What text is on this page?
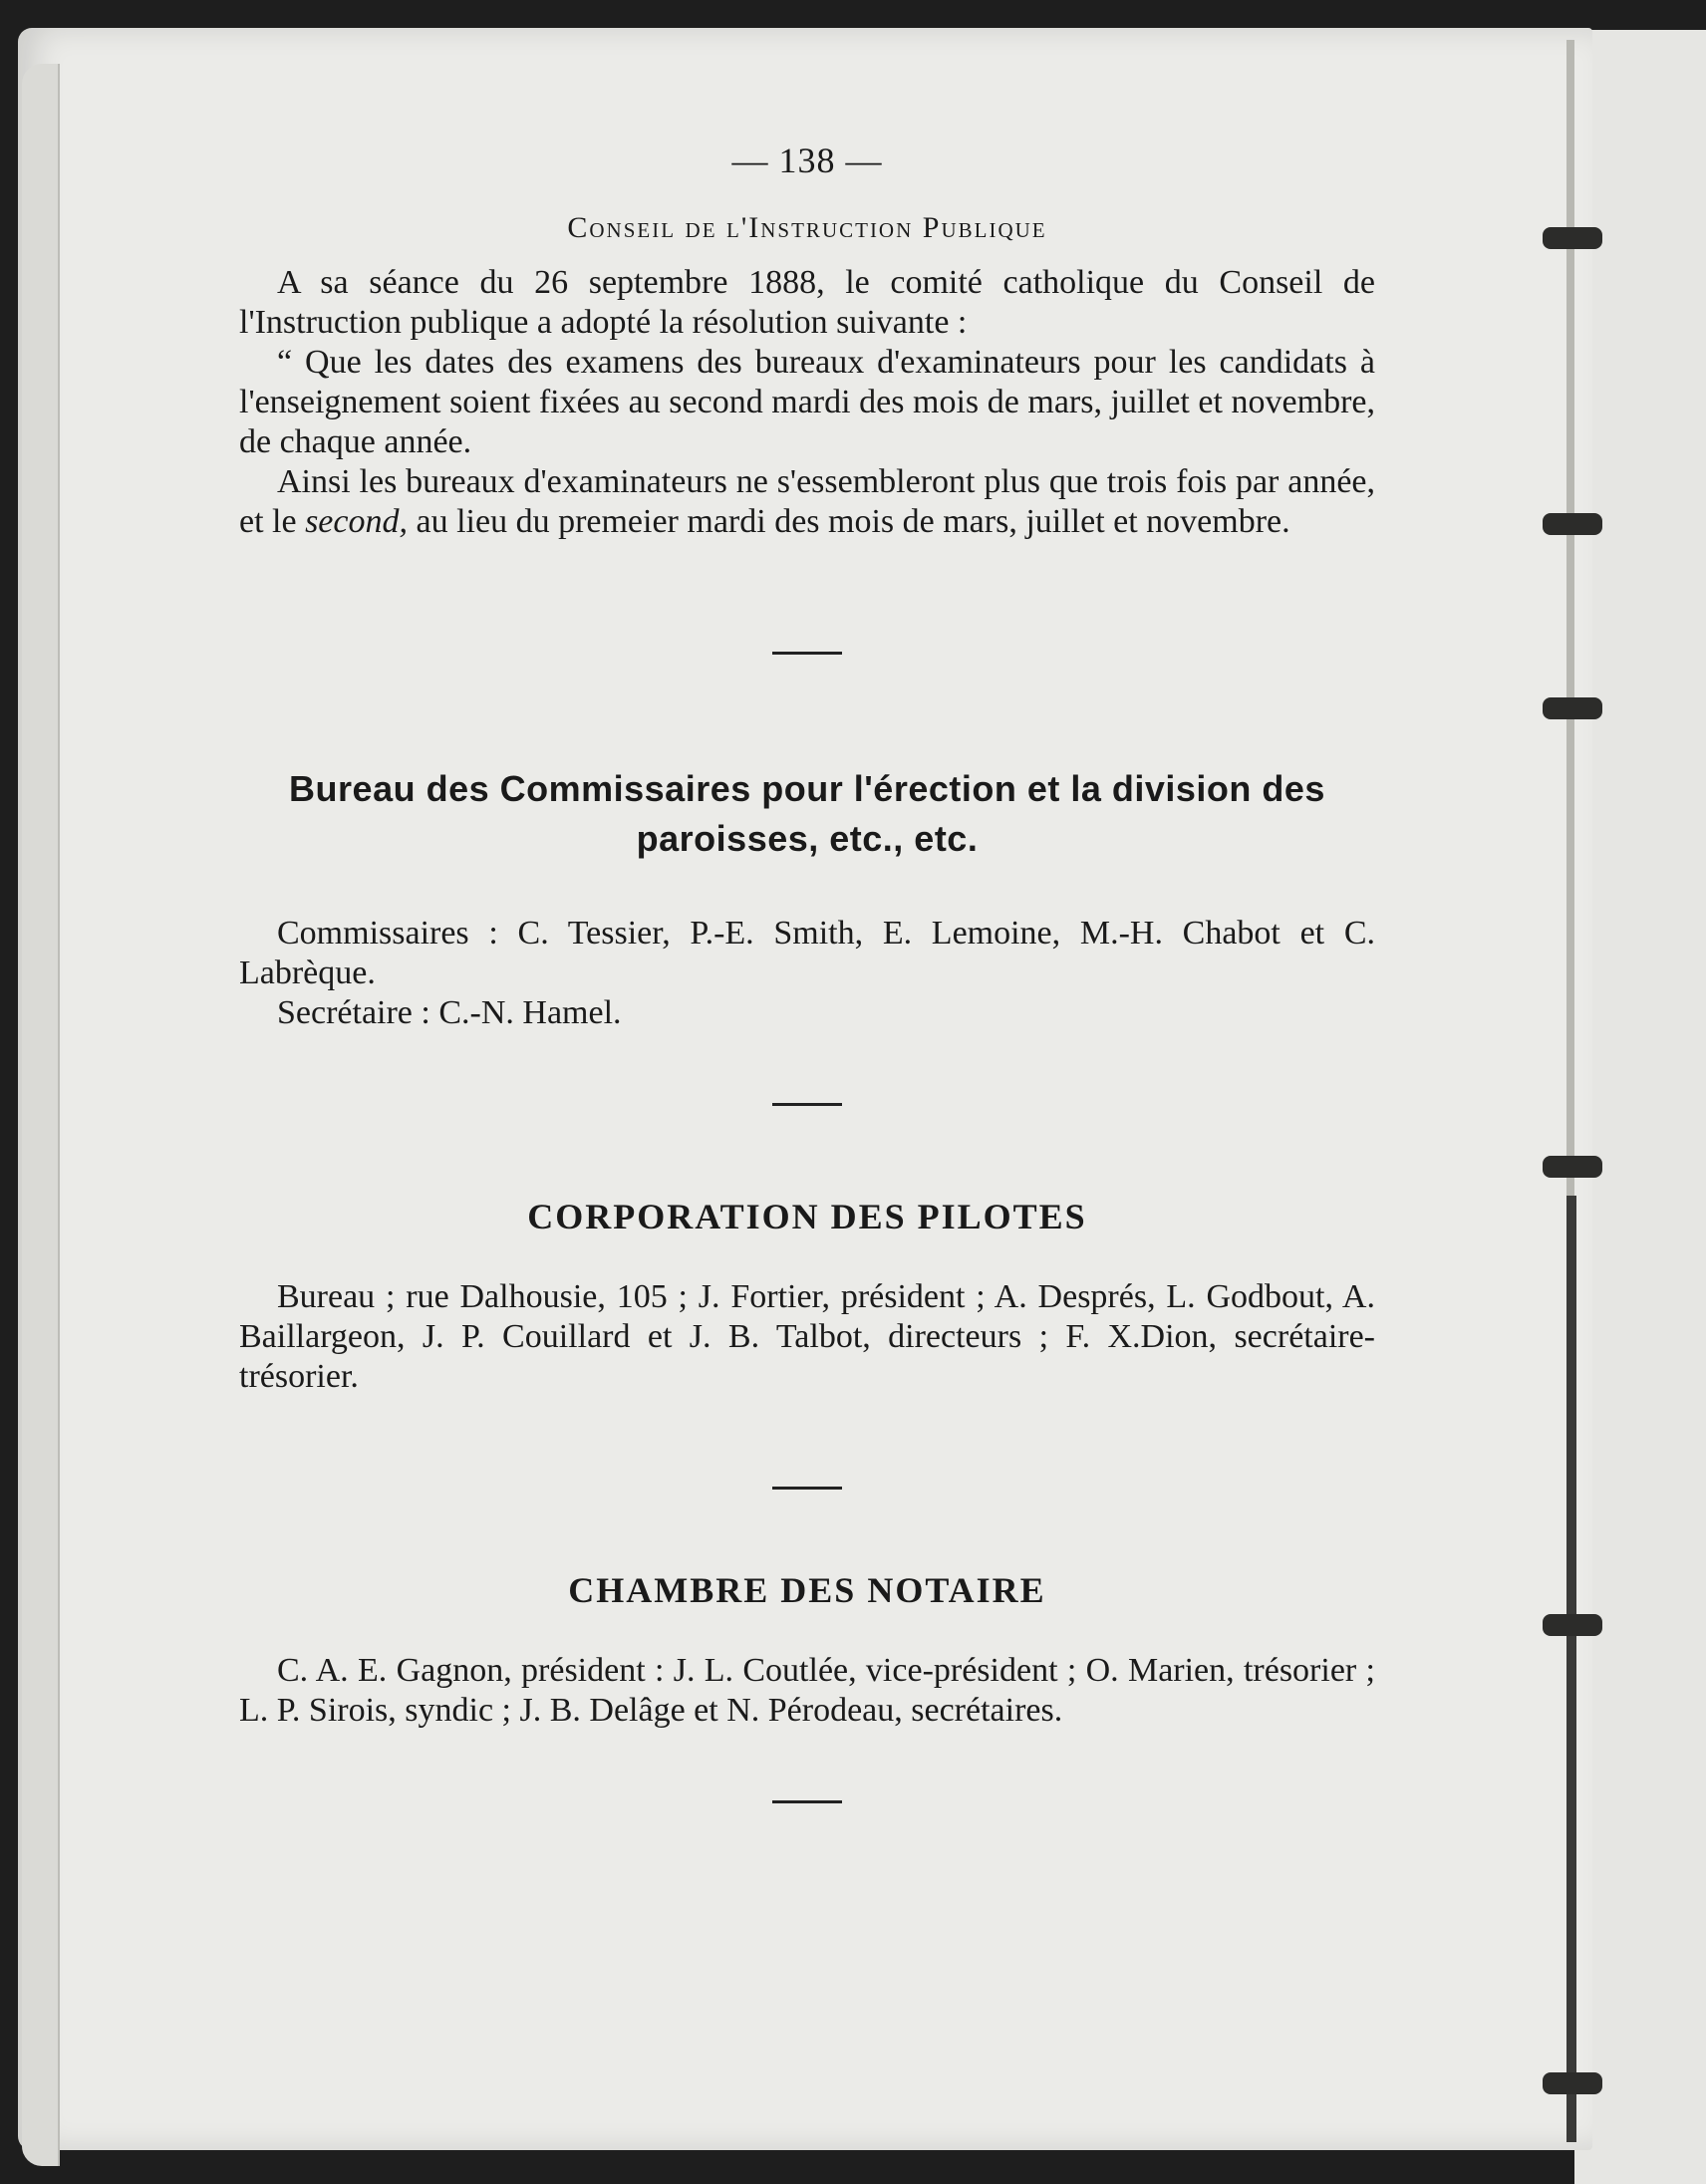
— 138 —
Conseil de l'Instruction Publique

A sa séance du 26 septembre 1888, le comité catholique du Conseil de l'Instruction publique a adopté la résolution suivante :

“ Que les dates des examens des bureaux d'examinateurs pour les candidats à l'enseignement soient fixées au second mardi des mois de mars, juillet et novembre, de chaque année.

Ainsi les bureaux d'examinateurs ne s'essembleront plus que trois fois par année, et le second, au lieu du premeier mardi des mois de mars, juillet et novembre.

Bureau des Commissaires pour l'érection et la division des paroisses, etc., etc.

Commissaires : C. Tessier, P.-E. Smith, E. Lemoine, M.-H. Chabot et C. Labrèque.

Secrétaire : C.-N. Hamel.

CORPORATION DES PILOTES

Bureau ; rue Dalhousie, 105 ; J. Fortier, président ; A. Després, L. Godbout, A. Baillargeon, J. P. Couillard et J. B. Talbot, directeurs ; F. X.Dion, secrétaire-trésorier.

CHAMBRE DES NOTAIRE

C. A. E. Gagnon, président : J. L. Coutlée, vice-président ; O. Marien, trésorier ; L. P. Sirois, syndic ; J. B. Delâge et N. Pérodeau, secrétaires.
